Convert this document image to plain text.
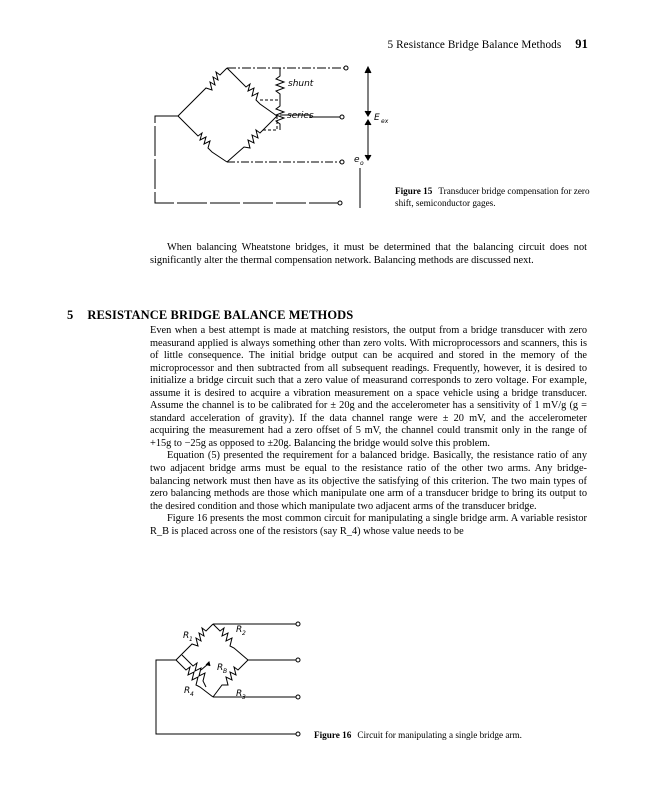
5 Resistance Bridge Balance Methods 91
shunt
series	E ex
e o
Figure 15 Transducer bridge compensation for zero shift, semiconductor gages.

When balancing Wheatstone bridges, it must be determined that the balancing circuit does not significantly alter the thermal compensation network. Balancing methods are discussed next.

5 RESISTANCE BRIDGE BALANCE METHODS

Even when a best attempt is made at matching resistors, the output from a bridge transducer with zero measurand applied is always something other than zero volts. With microprocessors and scanners, this is of little consequence. The initial bridge output can be acquired and stored in the memory of the microprocessor and then subtracted from all subsequent readings. Frequently, however, it is desired to initialize a bridge circuit such that a zero value of measurand corresponds to zero voltage. For example, assume it is desired to acquire a vibration measurement on a space vehicle using a bridge transducer. Assume the channel is to be calibrated for ± 20g and the accelerometer has a sensitivity of 1 mV/g (g = standard acceleration of gravity). If the data channel range were ± 20 mV, and the accelerometer acquiring the measurement had a zero offset of 5 mV, the channel could transmit only in the range of +15g to −25g as opposed to ±20g. Balancing the bridge would solve this problem.

Equation (5) presented the requirement for a balanced bridge. Basically, the resistance ratio of any two adjacent bridge arms must be equal to the resistance ratio of the other two arms. Any bridge-balancing network must then have as its objective the satisfying of this criterion. The two main types of zero balancing methods are those which manipulate one arm of a transducer bridge to bring its output to the desired condition and those which manipulate two adjacent arms of the transducer bridge.

Figure 16 presents the most common circuit for manipulating a single bridge arm. A variable resistor R_B is placed across one of the resistors (say R_4) whose value needs to be

R 1
R 2
R B
R 3
R 4
Figure 16 Circuit for manipulating a single bridge arm.
